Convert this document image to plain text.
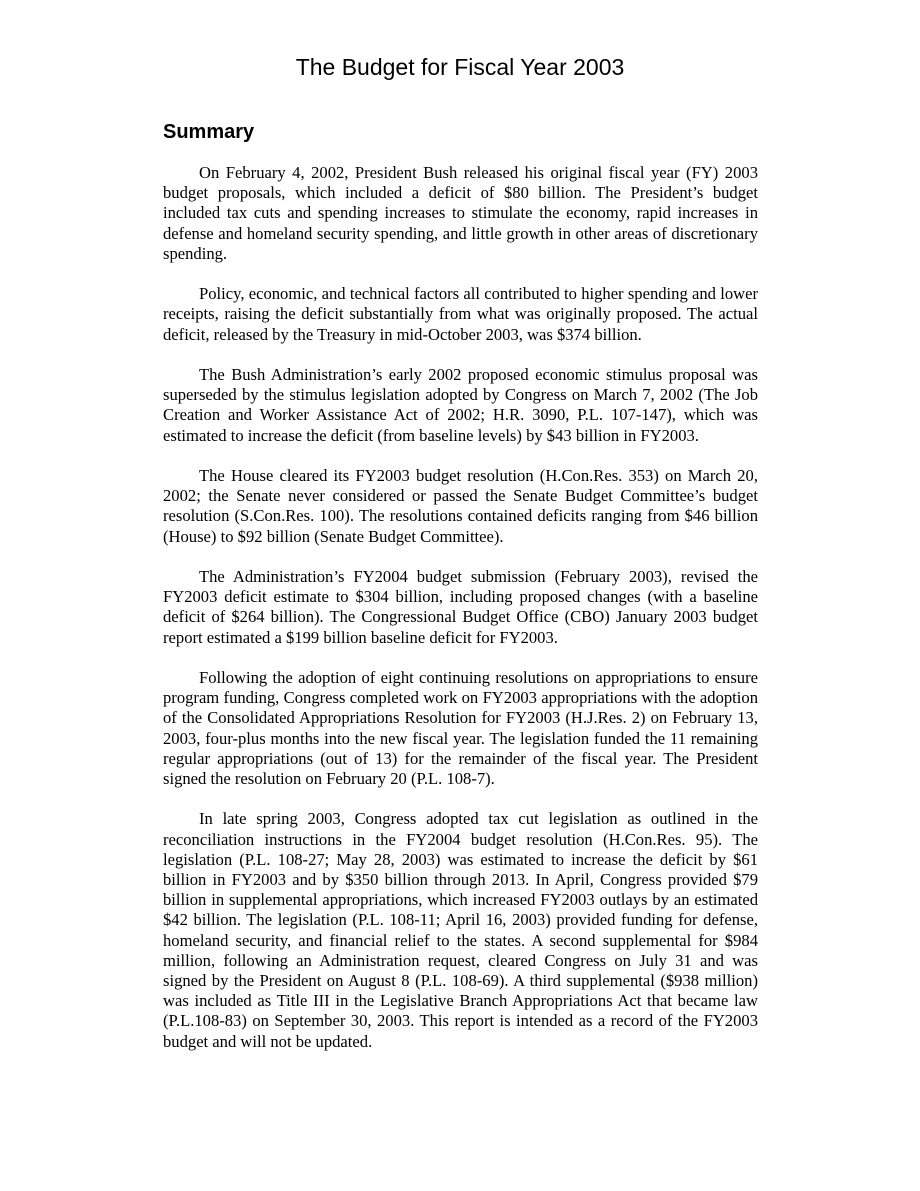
The Budget for Fiscal Year 2003
Summary

On February 4, 2002, President Bush released his original fiscal year (FY) 2003 budget proposals, which included a deficit of $80 billion. The President’s budget included tax cuts and spending increases to stimulate the economy, rapid increases in defense and homeland security spending, and little growth in other areas of discretionary spending.

Policy, economic, and technical factors all contributed to higher spending and lower receipts, raising the deficit substantially from what was originally proposed. The actual deficit, released by the Treasury in mid-October 2003, was $374 billion.

The Bush Administration’s early 2002 proposed economic stimulus proposal was superseded by the stimulus legislation adopted by Congress on March 7, 2002 (The Job Creation and Worker Assistance Act of 2002; H.R. 3090, P.L. 107-147), which was estimated to increase the deficit (from baseline levels) by $43 billion in FY2003.

The House cleared its FY2003 budget resolution (H.Con.Res. 353) on March 20, 2002; the Senate never considered or passed the Senate Budget Committee’s budget resolution (S.Con.Res. 100). The resolutions contained deficits ranging from $46 billion (House) to $92 billion (Senate Budget Committee).

The Administration’s FY2004 budget submission (February 2003), revised the FY2003 deficit estimate to $304 billion, including proposed changes (with a baseline deficit of $264 billion). The Congressional Budget Office (CBO) January 2003 budget report estimated a $199 billion baseline deficit for FY2003.

Following the adoption of eight continuing resolutions on appropriations to ensure program funding, Congress completed work on FY2003 appropriations with the adoption of the Consolidated Appropriations Resolution for FY2003 (H.J.Res. 2) on February 13, 2003, four-plus months into the new fiscal year. The legislation funded the 11 remaining regular appropriations (out of 13) for the remainder of the fiscal year. The President signed the resolution on February 20 (P.L. 108-7).

In late spring 2003, Congress adopted tax cut legislation as outlined in the reconciliation instructions in the FY2004 budget resolution (H.Con.Res. 95). The legislation (P.L. 108-27; May 28, 2003) was estimated to increase the deficit by $61 billion in FY2003 and by $350 billion through 2013. In April, Congress provided $79 billion in supplemental appropriations, which increased FY2003 outlays by an estimated $42 billion. The legislation (P.L. 108-11; April 16, 2003) provided funding for defense, homeland security, and financial relief to the states. A second supplemental for $984 million, following an Administration request, cleared Congress on July 31 and was signed by the President on August 8 (P.L. 108-69). A third supplemental ($938 million) was included as Title III in the Legislative Branch Appropriations Act that became law (P.L.108-83) on September 30, 2003. This report is intended as a record of the FY2003 budget and will not be updated.
